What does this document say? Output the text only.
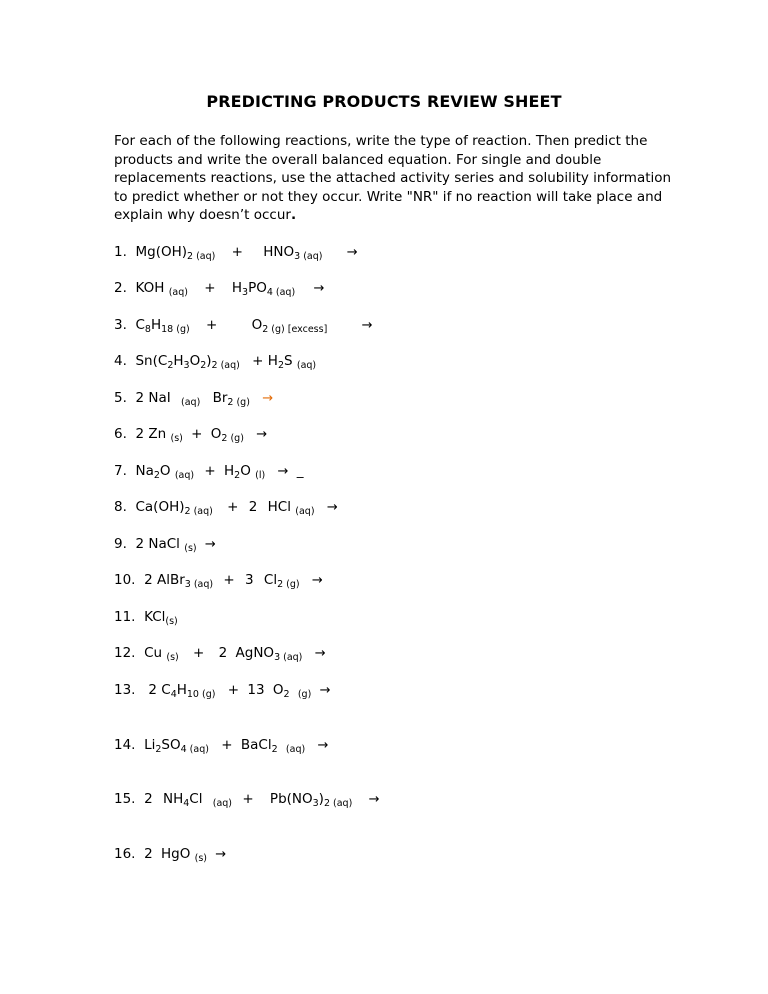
PREDICTING PRODUCTS REVIEW SHEET
For each of the following reactions, write the type of reaction. Then predict the products and write the overall balanced equation. For single and double replacements reactions, use the attached activity series and solubility information to predict whether or not they occur. Write "NR" if no reaction will take place and explain why doesn’t occur.
1. Mg(OH)2 (aq) + HNO3 (aq) →
2. KOH (aq) + H3PO4 (aq) →
3. C8H18 (g) +	O2 (g) [excess]	→
4. Sn(C2H3O2)2 (aq) + H2S (aq)
5. 2 NaI (aq) Br2 (g) →
6. 2 Zn (s) + O2 (g) →
7. Na2O (aq) + H2O (l) → _
8. Ca(OH)2 (aq) + 2 HCl (aq) →
9. 2 NaCl (s) →
10. 2 AlBr3 (aq) + 3 Cl2 (g) →
11. KCl(s)
12. Cu (s) + 2 AgNO3 (aq) →
13. 2 C4H10 (g) + 13 O2 (g) →
14. Li2SO4 (aq) + BaCl2 (aq) →
15. 2 NH4Cl (aq) + Pb(NO3)2 (aq) →
16. 2 HgO (s) →
